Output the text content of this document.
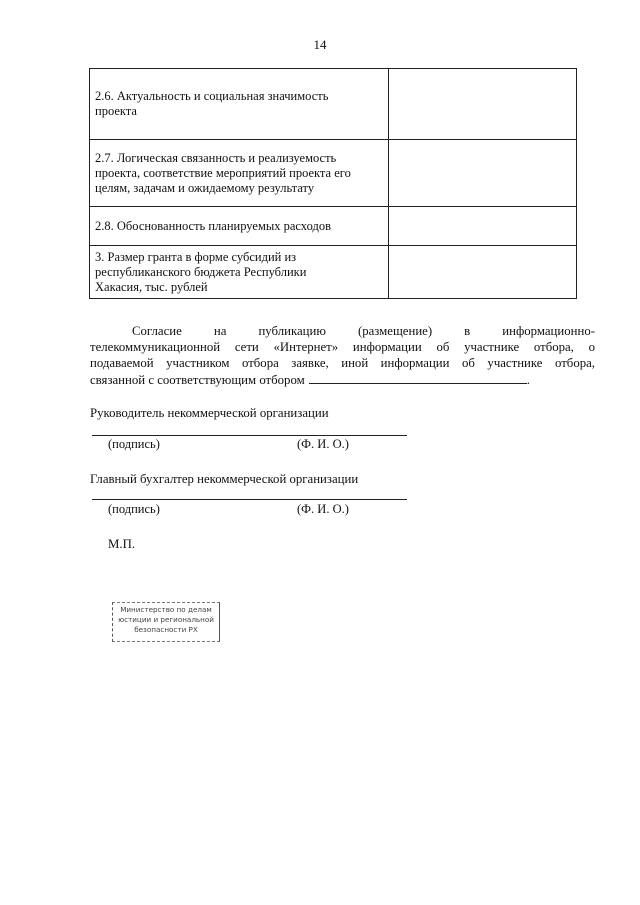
14
2.6. Актуальность и социальная значимость
проекта	

2.7. Логическая связанность и реализуемость
проекта, соответствие мероприятий проекта его
целям, задачам и ожидаемому результату	

2.8. Обоснованность планируемых расходов	

3. Размер гранта в форме субсидий из
республиканского бюджета Республики
Хакасия, тыс. рублей	

Согласие на публикацию (размещение) в информационно-
телекоммуникационной сети «Интернет» информации об участнике отбора, о
подаваемой участником отбора заявке, иной информации об участнике отбора,
связанной с соответствующим отбором	.
Руководитель некоммерческой организации
(подпись)	(Ф. И. О.)
Главный бухгалтер некоммерческой организации
(подпись)	(Ф. И. О.)
М.П.
Министерство по делам
юстиции и региональной
безопасности РХ
